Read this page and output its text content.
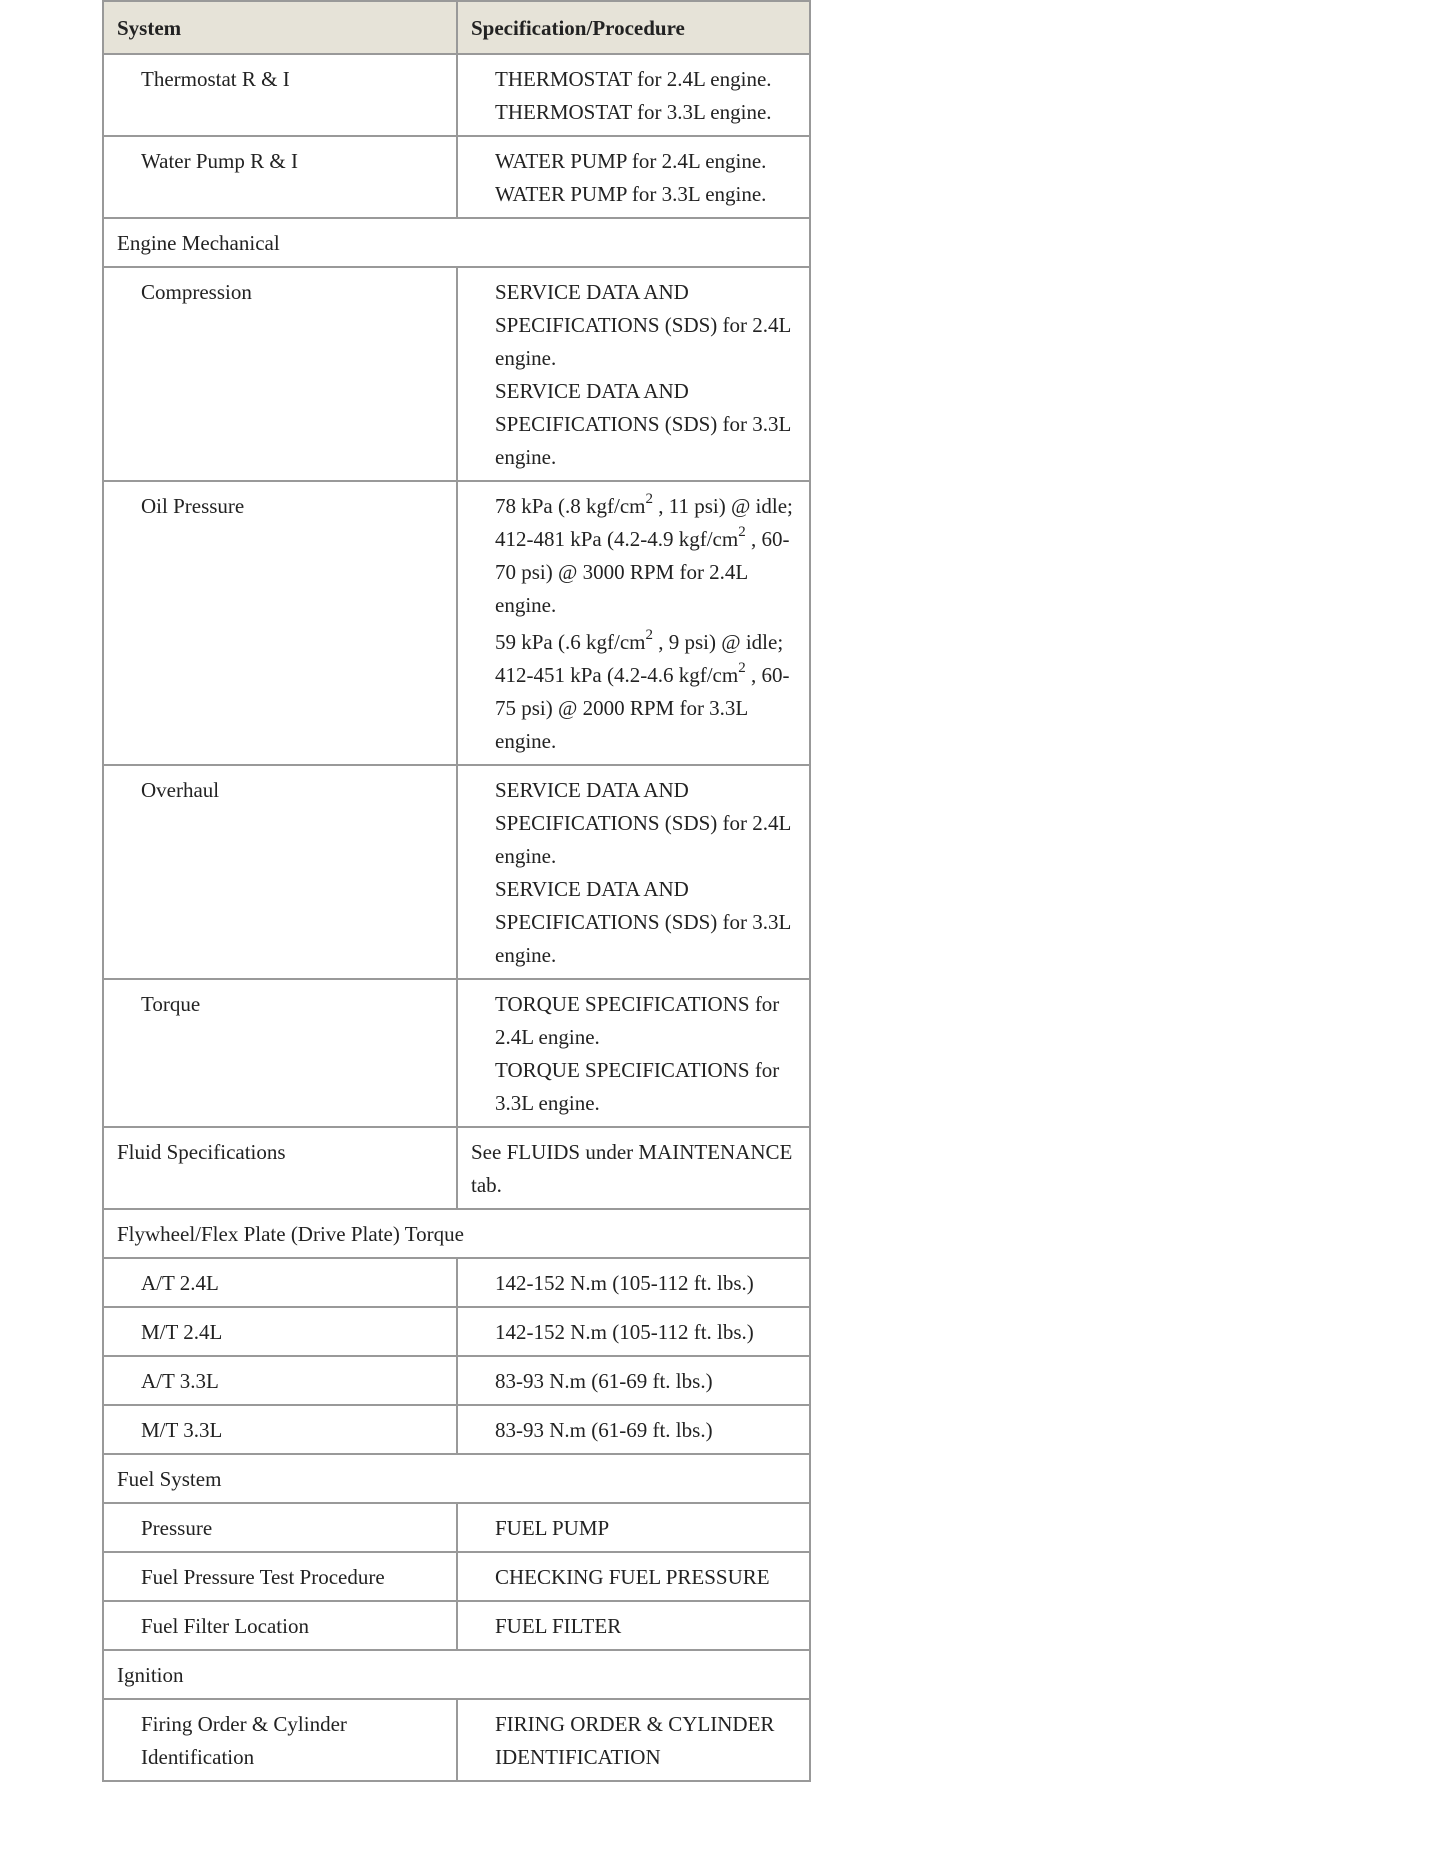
System	Specification/Procedure
Thermostat R & I	THERMOSTAT for 2.4L engine.
THERMOSTAT for 3.3L engine.

Water Pump R & I	WATER PUMP for 2.4L engine.
WATER PUMP for 3.3L engine.

Engine Mechanical	
Compression	SERVICE DATA AND SPECIFICATIONS (SDS) for 2.4L engine.
SERVICE DATA AND SPECIFICATIONS (SDS) for 3.3L engine.

Oil Pressure	78 kPa (.8 kgf/$cm^2$ , 11 psi) @ idle; 412-481 kPa (4.2-4.9 kgf/$cm^2$ , 60-70 psi) @ 3000 RPM for 2.4L engine.
59 kPa (.6 kgf/$cm^2$ , 9 psi) @ idle; 412-451 kPa (4.2-4.6 kgf/$cm^2$ , 60-75 psi) @ 2000 RPM for 3.3L engine.

Overhaul	SERVICE DATA AND SPECIFICATIONS (SDS) for 2.4L engine.
SERVICE DATA AND SPECIFICATIONS (SDS) for 3.3L engine.

Torque	TORQUE SPECIFICATIONS for 2.4L engine.
TORQUE SPECIFICATIONS for 3.3L engine.

Fluid Specifications	See FLUIDS under MAINTENANCE tab.
Flywheel/Flex Plate (Drive Plate) Torque	
A/T 2.4L	142-152 N.m (105-112 ft. lbs.)
M/T 2.4L	142-152 N.m (105-112 ft. lbs.)
A/T 3.3L	83-93 N.m (61-69 ft. lbs.)
M/T 3.3L	83-93 N.m (61-69 ft. lbs.)
Fuel System	
Pressure	FUEL PUMP
Fuel Pressure Test Procedure	CHECKING FUEL PRESSURE
Fuel Filter Location	FUEL FILTER
Ignition	
Firing Order & Cylinder Identification	FIRING ORDER & CYLINDER IDENTIFICATION
